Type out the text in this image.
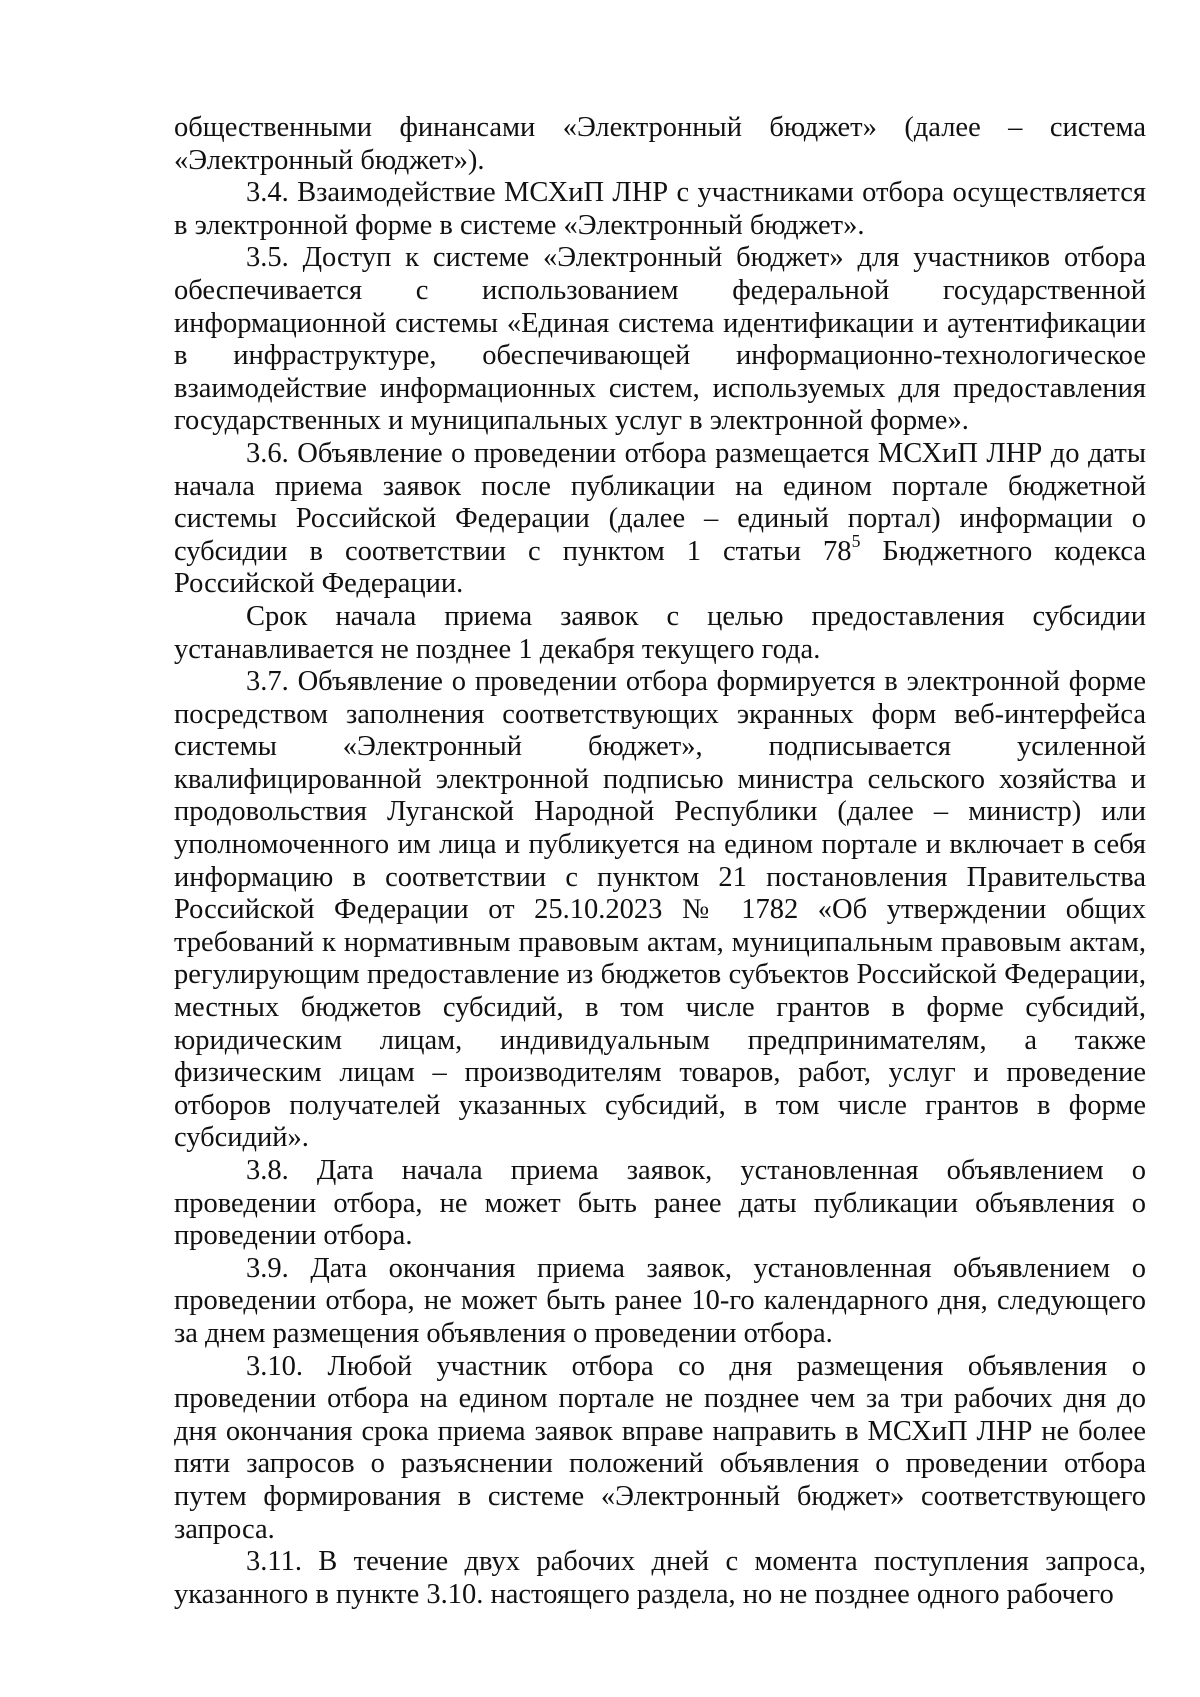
общественными финансами «Электронный бюджет» (далее – система «Электронный бюджет»).

3.4. Взаимодействие МСХиП ЛНР с участниками отбора осуществляется в электронной форме в системе «Электронный бюджет».

3.5. Доступ к системе «Электронный бюджет» для участников отбора обеспечивается с использованием федеральной государственной информационной системы «Единая система идентификации и аутентификации в инфраструктуре, обеспечивающей информационно-технологическое взаимодействие информационных систем, используемых для предоставления государственных и муниципальных услуг в электронной форме».

3.6. Объявление о проведении отбора размещается МСХиП ЛНР до даты начала приема заявок после публикации на едином портале бюджетной системы Российской Федерации (далее – единый портал) информации о субсидии в соответствии с пунктом 1 статьи $78^5$ Бюджетного кодекса Российской Федерации.

Срок начала приема заявок с целью предоставления субсидии устанавливается не позднее 1 декабря текущего года.

3.7. Объявление о проведении отбора формируется в электронной форме посредством заполнения соответствующих экранных форм веб-интерфейса системы «Электронный бюджет», подписывается усиленной квалифицированной электронной подписью министра сельского хозяйства и продовольствия Луганской Народной Республики (далее – министр) или уполномоченного им лица и публикуется на едином портале и включает в себя информацию в соответствии с пунктом 21 постановления Правительства Российской Федерации от 25.10.2023 № 1782 «Об утверждении общих требований к нормативным правовым актам, муниципальным правовым актам, регулирующим предоставление из бюджетов субъектов Российской Федерации, местных бюджетов субсидий, в том числе грантов в форме субсидий, юридическим лицам, индивидуальным предпринимателям, а также физическим лицам – производителям товаров, работ, услуг и проведение отборов получателей указанных субсидий, в том числе грантов в форме субсидий».

3.8. Дата начала приема заявок, установленная объявлением о проведении отбора, не может быть ранее даты публикации объявления о проведении отбора.

3.9. Дата окончания приема заявок, установленная объявлением о проведении отбора, не может быть ранее 10-го календарного дня, следующего за днем размещения объявления о проведении отбора.

3.10. Любой участник отбора со дня размещения объявления о проведении отбора на едином портале не позднее чем за три рабочих дня до дня окончания срока приема заявок вправе направить в МСХиП ЛНР не более пяти запросов о разъяснении положений объявления о проведении отбора путем формирования в системе «Электронный бюджет» соответствующего запроса.

3.11. В течение двух рабочих дней с момента поступления запроса, указанного в пункте 3.10. настоящего раздела, но не позднее одного рабочего
